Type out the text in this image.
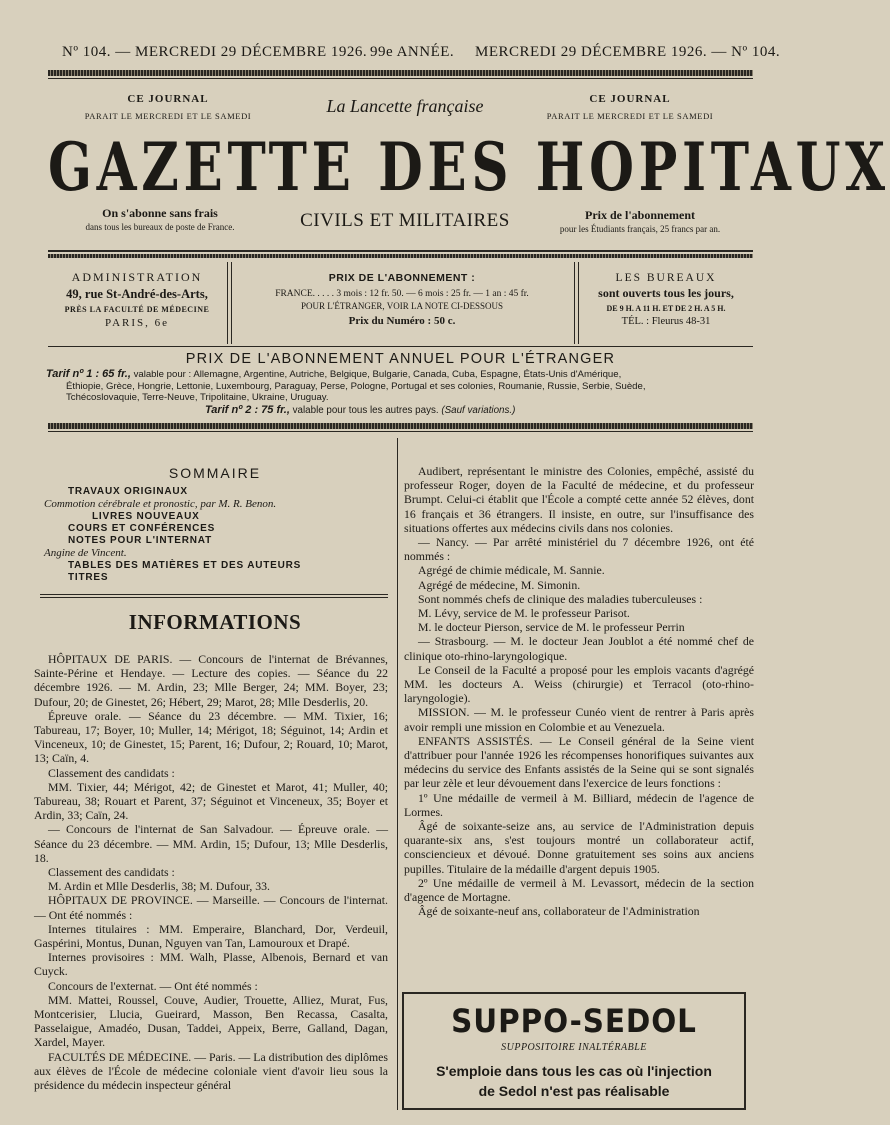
Nº 104. — MERCREDI 29 DÉCEMBRE 1926. 99e ANNÉE. MERCREDI 29 DÉCEMBRE 1926. — Nº 104.
CE JOURNAL
PARAIT LE MERCREDI ET LE SAMEDI	La Lancette française	CE JOURNAL
PARAIT LE MERCREDI ET LE SAMEDI
GAZETTE DES HOPITAUX
On s'abonne sans frais
dans tous les bureaux de poste de France.	CIVILS ET MILITAIRES	Prix de l'abonnement
pour les Étudiants français, 25 francs par an.
ADMINISTRATION
49, rue St-André-des-Arts,
PRÈS LA FACULTÉ DE MÉDECINE
PARIS, 6e
PRIX DE L'ABONNEMENT :
FRANCE. . . . . 3 mois : 12 fr. 50. — 6 mois : 25 fr. — 1 an : 45 fr.
POUR L'ÉTRANGER, VOIR LA NOTE CI-DESSOUS
Prix du Numéro : 50 c.
LES BUREAUX
sont ouverts tous les jours,
DE 9 H. A 11 H. ET DE 2 H. A 5 H.
TÉL. : Fleurus 48-31
PRIX DE L'ABONNEMENT ANNUEL POUR L'ÉTRANGER
Tarif nº 1 : 65 fr., valable pour : Allemagne, Argentine, Autriche, Belgique, Bulgarie, Canada, Cuba, Espagne, États-Unis d'Amérique,
Éthiopie, Grèce, Hongrie, Lettonie, Luxembourg, Paraguay, Perse, Pologne, Portugal et ses colonies, Roumanie, Russie, Serbie, Suède,
Tchécoslovaquie, Terre-Neuve, Tripolitaine, Ukraine, Uruguay.
Tarif nº 2 : 75 fr., valable pour tous les autres pays. (Sauf variations.)
SOMMAIRE
TRAVAUX ORIGINAUX
Commotion cérébrale et pronostic, par M. R. Benon.
LIVRES NOUVEAUX
COURS ET CONFÉRENCES
NOTES POUR L'INTERNAT
Angine de Vincent.
TABLES DES MATIÈRES ET DES AUTEURS
TITRES
INFORMATIONS
HÔPITAUX DE PARIS. — Concours de l'internat de Brévannes, Sainte-Périne et Hendaye. — Lecture des copies. — Séance du 22 décembre 1926. — M. Ardin, 23; Mlle Berger, 24; MM. Boyer, 23; Dufour, 20; de Ginestet, 26; Hébert, 29; Marot, 28; Mlle Desderlis, 20.
Épreuve orale. — Séance du 23 décembre. — MM. Tixier, 16; Tabureau, 17; Boyer, 10; Muller, 14; Mérigot, 18; Séguinot, 14; Ardin et Vinceneux, 10; de Ginestet, 15; Parent, 16; Dufour, 2; Rouard, 10; Marot, 13; Caïn, 4.
Classement des candidats :
MM. Tixier, 44; Mérigot, 42; de Ginestet et Marot, 41; Muller, 40; Tabureau, 38; Rouart et Parent, 37; Séguinot et Vinceneux, 35; Boyer et Ardin, 33; Caïn, 24.
— Concours de l'internat de San Salvadour. — Épreuve orale. — Séance du 23 décembre. — MM. Ardin, 15; Dufour, 13; Mlle Desderlis, 18.
Classement des candidats :
M. Ardin et Mlle Desderlis, 38; M. Dufour, 33.
HÔPITAUX DE PROVINCE. — Marseille. — Concours de l'internat. — Ont été nommés :
Internes titulaires : MM. Emperaire, Blanchard, Dor, Verdeuil, Gaspérini, Montus, Dunan, Nguyen van Tan, Lamouroux et Drapé.
Internes provisoires : MM. Walh, Plasse, Albenois, Bernard et van Cuyck.
Concours de l'externat. — Ont été nommés :
MM. Mattei, Roussel, Couve, Audier, Trouette, Alliez, Murat, Fus, Montcerisier, Llucia, Gueirard, Masson, Ben Recassa, Casalta, Passelaigue, Amadéo, Dusan, Taddei, Appeix, Berre, Galland, Dagan, Xardel, Mayer.
FACULTÉS DE MÉDECINE. — Paris. — La distribution des diplômes aux élèves de l'École de médecine coloniale vient d'avoir lieu sous la présidence du médecin inspecteur général
Audibert, représentant le ministre des Colonies, empêché, assisté du professeur Roger, doyen de la Faculté de médecine, et du professeur Brumpt. Celui-ci établit que l'École a compté cette année 52 élèves, dont 16 français et 36 étrangers. Il insiste, en outre, sur l'insuffisance des situations offertes aux médecins civils dans nos colonies.
— Nancy. — Par arrêté ministériel du 7 décembre 1926, ont été nommés :
Agrégé de chimie médicale, M. Sannie.
Agrégé de médecine, M. Simonin.
Sont nommés chefs de clinique des maladies tuberculeuses :
M. Lévy, service de M. le professeur Parisot.
M. le docteur Pierson, service de M. le professeur Perrin
— Strasbourg. — M. le docteur Jean Joublot a été nommé chef de clinique oto-rhino-laryngologique.
Le Conseil de la Faculté a proposé pour les emplois vacants d'agrégé MM. les docteurs A. Weiss (chirurgie) et Terracol (oto-rhino-laryngologie).
MISSION. — M. le professeur Cunéo vient de rentrer à Paris après avoir rempli une mission en Colombie et au Venezuela.
ENFANTS ASSISTÉS. — Le Conseil général de la Seine vient d'attribuer pour l'année 1926 les récompenses honorifiques suivantes aux médecins du service des Enfants assistés de la Seine qui se sont signalés par leur zèle et leur dévouement dans l'exercice de leurs fonctions :
1º Une médaille de vermeil à M. Billiard, médecin de l'agence de Lormes.
Âgé de soixante-seize ans, au service de l'Administration depuis quarante-six ans, s'est toujours montré un collaborateur actif, consciencieux et dévoué. Donne gratuitement ses soins aux anciens pupilles. Titulaire de la médaille d'argent depuis 1905.
2º Une médaille de vermeil à M. Levassort, médecin de la section d'agence de Mortagne.
Âgé de soixante-neuf ans, collaborateur de l'Administration
SUPPO-SEDOL
SUPPOSITOIRE INALTÉRABLE
S'emploie dans tous les cas où l'injection
de Sedol n'est pas réalisable
